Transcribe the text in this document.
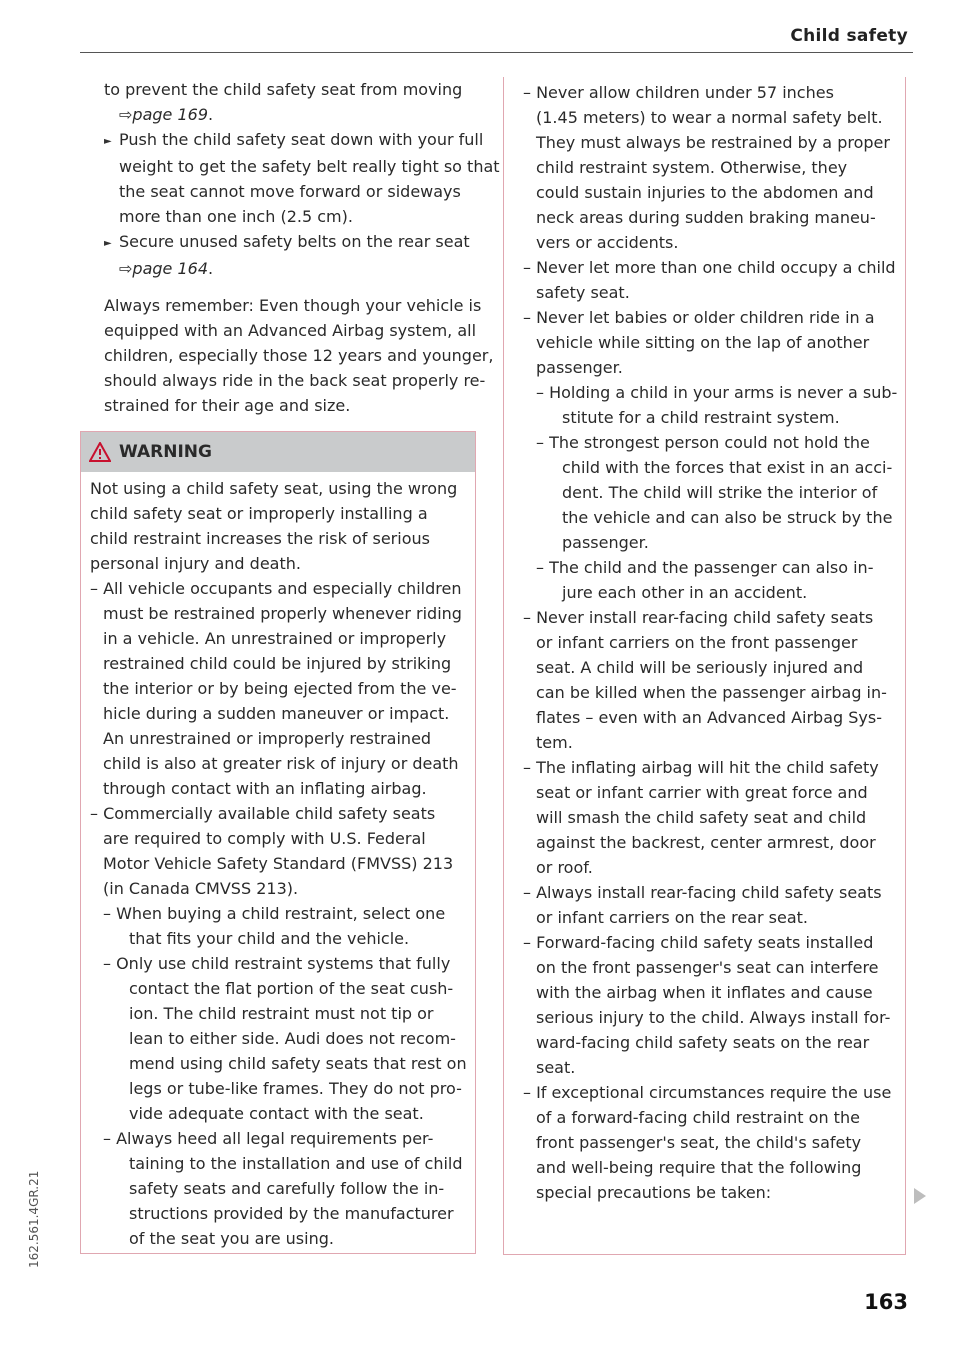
Child safety
to prevent the child safety seat from moving
⇨page 169.
► Push the child safety seat down with your full
weight to get the safety belt really tight so that
the seat cannot move forward or sideways
more than one inch (2.5 cm).
► Secure unused safety belts on the rear seat
⇨page 164.

Always remember: Even though your vehicle is
equipped with an Advanced Airbag system, all
children, especially those 12 years and younger,
should always ride in the back seat properly re-
strained for their age and size.

WARNING
Not using a child safety seat, using the wrong
child safety seat or improperly installing a
child restraint increases the risk of serious
personal injury and death.
– All vehicle occupants and especially children
must be restrained properly whenever riding
in a vehicle. An unrestrained or improperly
restrained child could be injured by striking
the interior or by being ejected from the ve-
hicle during a sudden maneuver or impact.
An unrestrained or improperly restrained
child is also at greater risk of injury or death
through contact with an inflating airbag.
– Commercially available child safety seats
are required to comply with U.S. Federal
Motor Vehicle Safety Standard (FMVSS) 213
(in Canada CMVSS 213).
– When buying a child restraint, select one
that fits your child and the vehicle.
– Only use child restraint systems that fully
contact the flat portion of the seat cush-
ion. The child restraint must not tip or
lean to either side. Audi does not recom-
mend using child safety seats that rest on
legs or tube-like frames. They do not pro-
vide adequate contact with the seat.
– Always heed all legal requirements per-
taining to the installation and use of child
safety seats and carefully follow the in-
structions provided by the manufacturer
of the seat you are using.
– Never allow children under 57 inches
(1.45 meters) to wear a normal safety belt.
They must always be restrained by a proper
child restraint system. Otherwise, they
could sustain injuries to the abdomen and
neck areas during sudden braking maneu-
vers or accidents.
– Never let more than one child occupy a child
safety seat.
– Never let babies or older children ride in a
vehicle while sitting on the lap of another
passenger.
– Holding a child in your arms is never a sub-
stitute for a child restraint system.
– The strongest person could not hold the
child with the forces that exist in an acci-
dent. The child will strike the interior of
the vehicle and can also be struck by the
passenger.
– The child and the passenger can also in-
jure each other in an accident.
– Never install rear-facing child safety seats
or infant carriers on the front passenger
seat. A child will be seriously injured and
can be killed when the passenger airbag in-
flates – even with an Advanced Airbag Sys-
tem.
– The inflating airbag will hit the child safety
seat or infant carrier with great force and
will smash the child safety seat and child
against the backrest, center armrest, door
or roof.
– Always install rear-facing child safety seats
or infant carriers on the rear seat.
– Forward-facing child safety seats installed
on the front passenger's seat can interfere
with the airbag when it inflates and cause
serious injury to the child. Always install for-
ward-facing child safety seats on the rear
seat.
– If exceptional circumstances require the use
of a forward-facing child restraint on the
front passenger's seat, the child's safety
and well-being require that the following
special precautions be taken:
162.561.4GR.21
163
